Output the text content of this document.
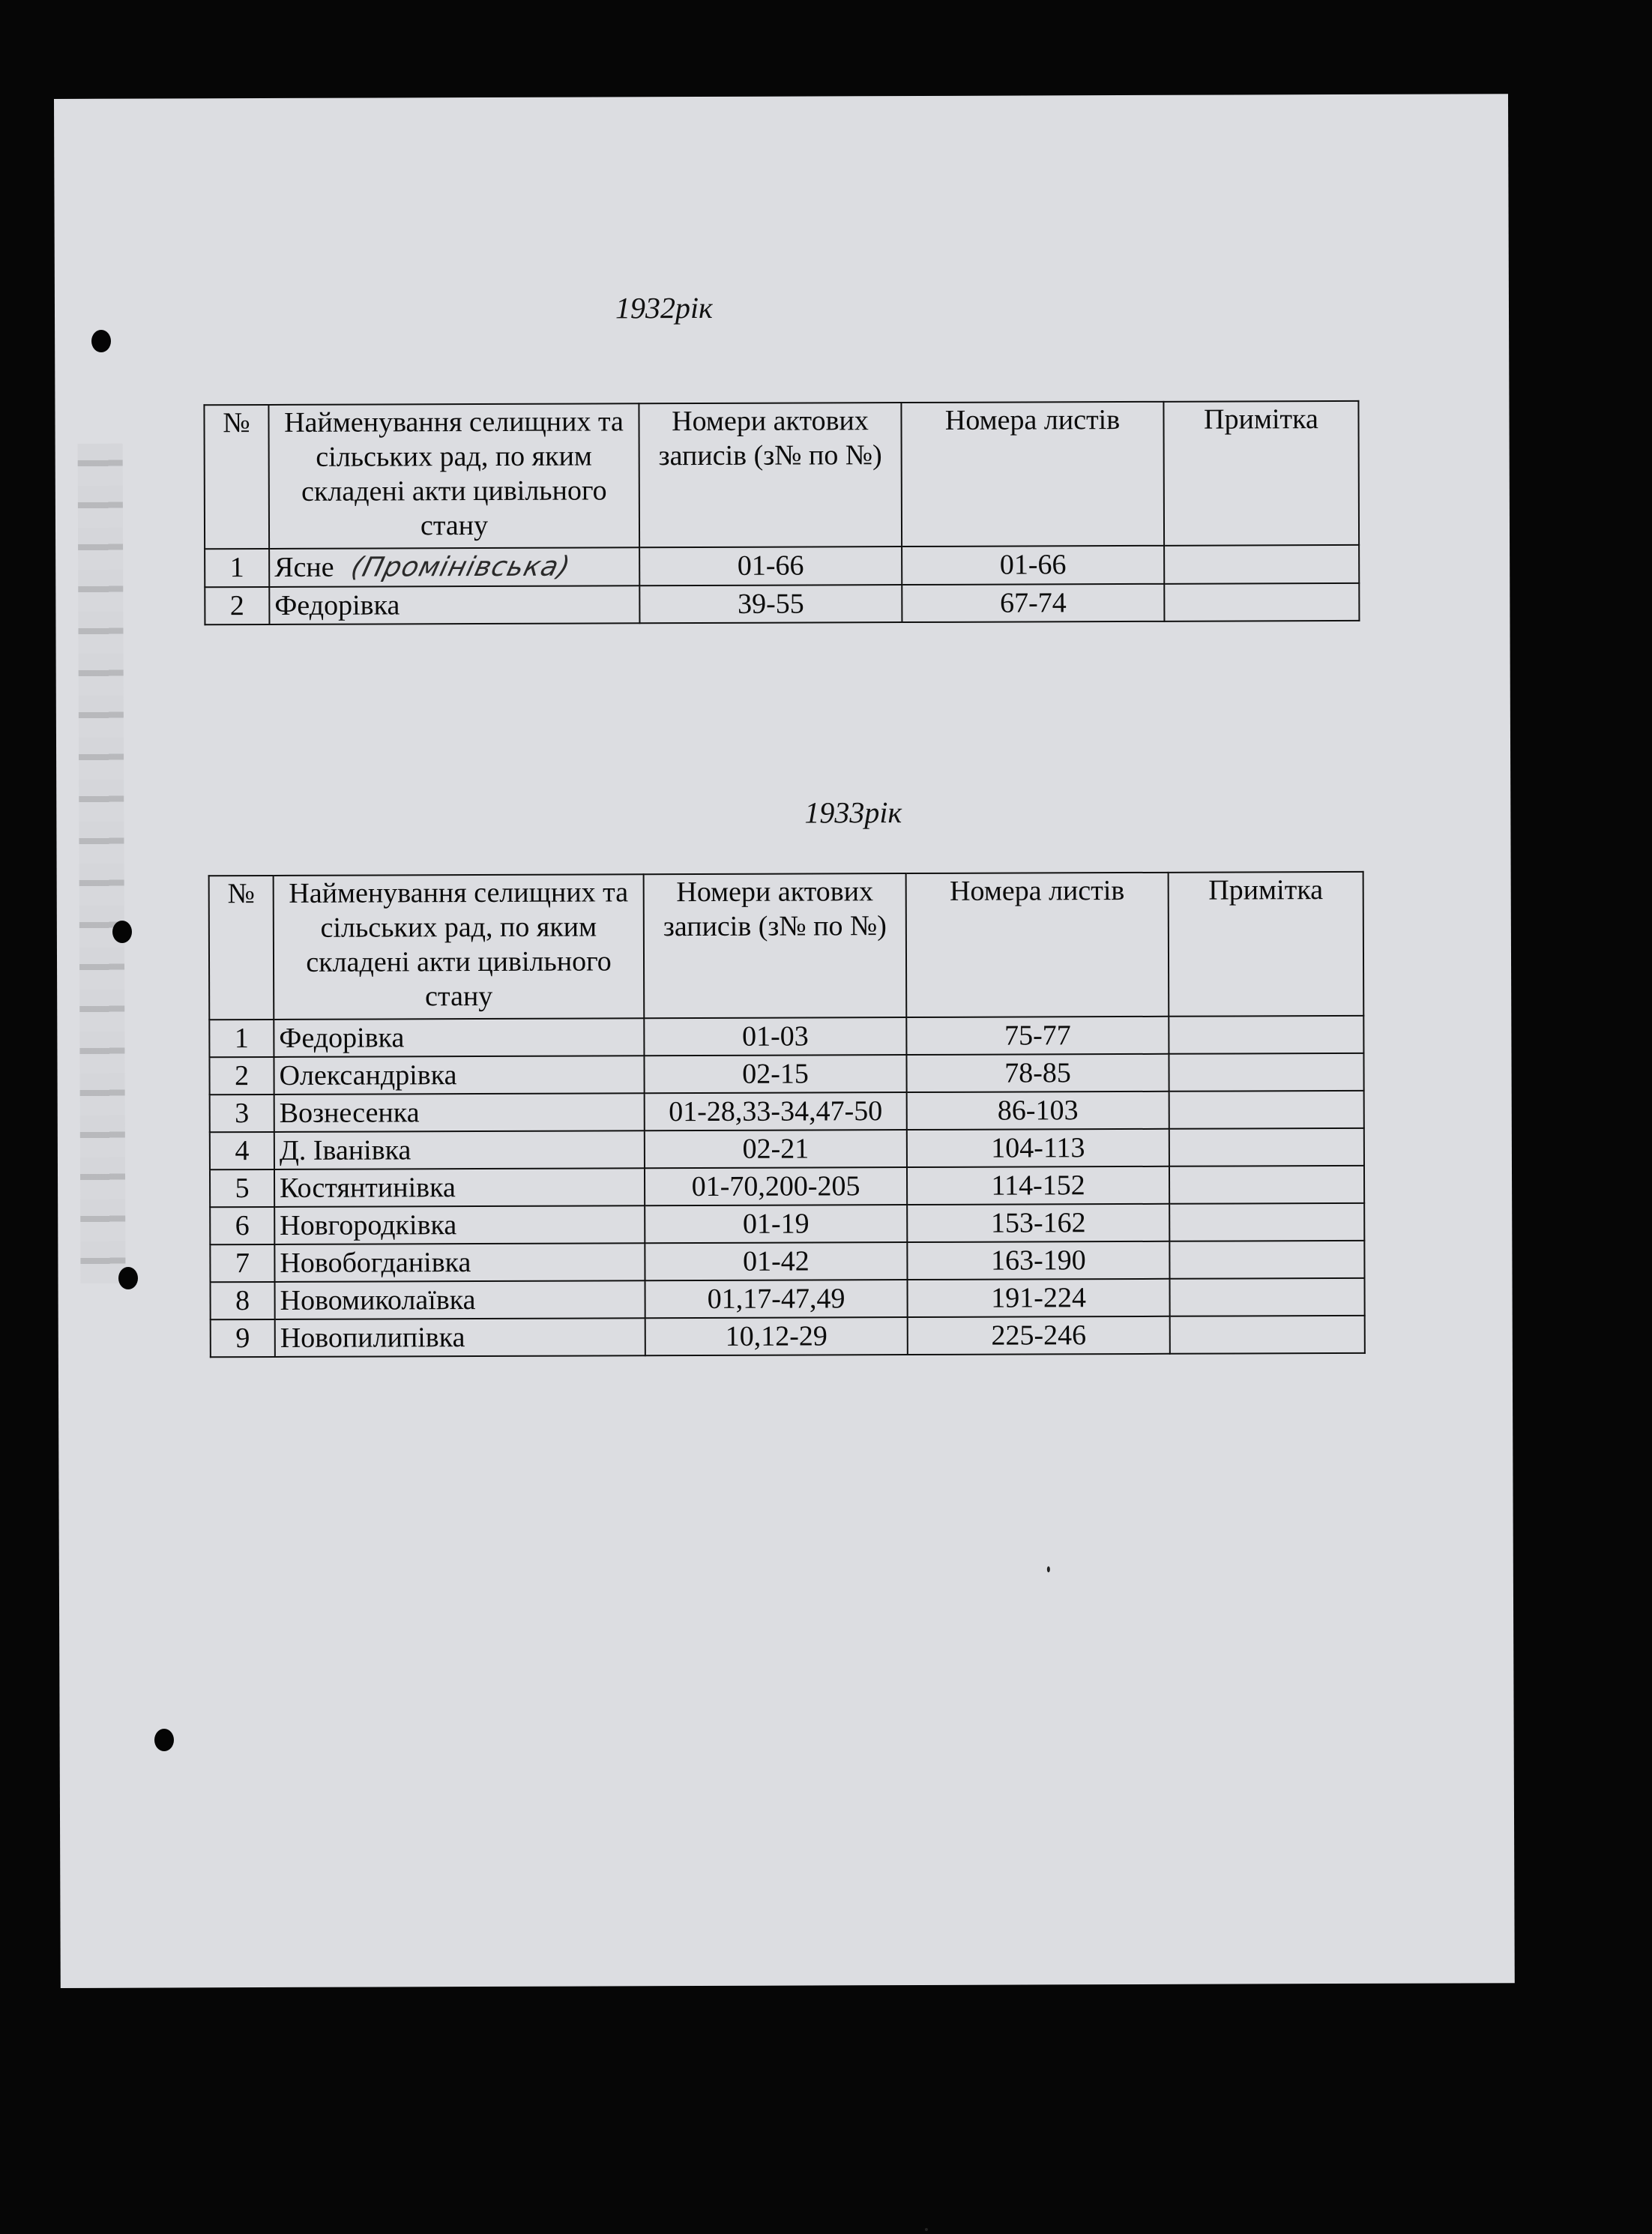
1932рік
№	Найменування селищних та сільських рад, по яким складені акти цивільного стану	Номери актових записів (з№ по №)	Номера листів	Примітка
1	Ясне (Промінівська)	01-66	01-66	
2	Федорівка	39-55	67-74	
1933рік
№	Найменування селищних та сільських рад, по яким складені акти цивільного стану	Номери актових записів (з№ по №)	Номера листів	Примітка
1	Федорівка	01-03	75-77	
2	Олександрівка	02-15	78-85	
3	Вознесенка	01-28,33-34,47-50	86-103	
4	Д. Іванівка	02-21	104-113	
5	Костянтинівка	01-70,200-205	114-152	
6	Новгородківка	01-19	153-162	
7	Новобогданівка	01-42	163-190	
8	Новомиколаївка	01,17-47,49	191-224	
9	Новопилипівка	10,12-29	225-246	
